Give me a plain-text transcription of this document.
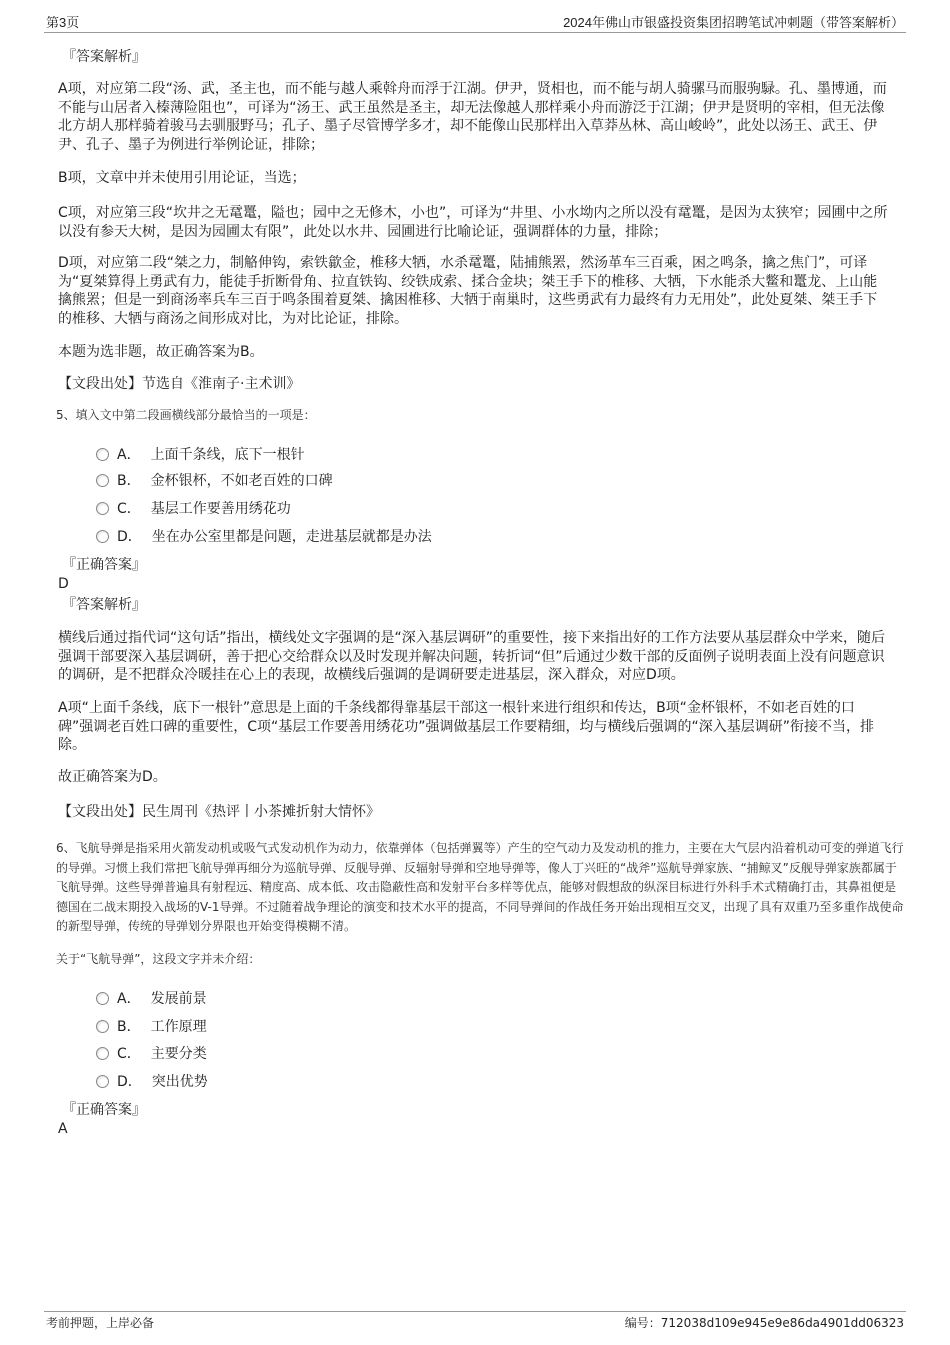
第3页	2024年佛山市银盛投资集团招聘笔试冲刺题（带答案解析）
『答案解析』

A项，对应第二段“汤、武，圣主也，而不能与越人乘斡舟而浮于江湖。伊尹，贤相也，而不能与胡人骑骡马而服驹騄。孔、墨博通，而不能与山居者入榛薄险阻也”，可译为“汤王、武王虽然是圣主，却无法像越人那样乘小舟而游泛于江湖；伊尹是贤明的宰相，但无法像北方胡人那样骑着骏马去驯服野马；孔子、墨子尽管博学多才，却不能像山民那样出入草莽丛林、高山峻岭”，此处以汤王、武王、伊尹、孔子、墨子为例进行举例论证，排除；

B项，文章中并未使用引用论证，当选；

C项，对应第三段“坎井之无鼋鼍，隘也；园中之无修木，小也”，可译为“井里、小水坳内之所以没有鼋鼍，是因为太狭窄；园圃中之所以没有参天大树，是因为园圃太有限”，此处以水井、园圃进行比喻论证，强调群体的力量，排除；

D项，对应第二段“桀之力，制觡伸钩，索铁歙金，椎移大牺，水杀鼋鼍，陆捕熊罴，然汤革车三百乘，困之鸣条，擒之焦门”，可译为“夏桀算得上勇武有力，能徒手折断骨角、拉直铁钩、绞铁成索、揉合金块；桀王手下的椎移、大牺，下水能杀大鳖和鼍龙、上山能擒熊罴；但是一到商汤率兵车三百于鸣条围着夏桀、擒困椎移、大牺于南巢时，这些勇武有力最终有力无用处”，此处夏桀、桀王手下的椎移、大牺与商汤之间形成对比，为对比论证，排除。

本题为选非题，故正确答案为B。

【文段出处】节选自《淮南子·主术训》

5、填入文中第二段画横线部分最恰当的一项是：
A． 上面千条线，底下一根针
B． 金杯银杯，不如老百姓的口碑
C． 基层工作要善用绣花功
D． 坐在办公室里都是问题，走进基层就都是办法
『正确答案』
D
『答案解析』

横线后通过指代词“这句话”指出，横线处文字强调的是“深入基层调研”的重要性，接下来指出好的工作方法要从基层群众中学来，随后强调干部要深入基层调研，善于把心交给群众以及时发现并解决问题，转折词“但”后通过少数干部的反面例子说明表面上没有问题意识的调研，是不把群众冷暖挂在心上的表现，故横线后强调的是调研要走进基层，深入群众，对应D项。

A项“上面千条线，底下一根针”意思是上面的千条线都得靠基层干部这一根针来进行组织和传达，B项“金杯银杯，不如老百姓的口碑”强调老百姓口碑的重要性，C项“基层工作要善用绣花功”强调做基层工作要精细，均与横线后强调的“深入基层调研”衔接不当，排除。

故正确答案为D。

【文段出处】民生周刊《热评丨小茶摊折射大情怀》

6、飞航导弹是指采用火箭发动机或吸气式发动机作为动力，依靠弹体（包括弹翼等）产生的空气动力及发动机的推力，主要在大气层内沿着机动可变的弹道飞行的导弹。习惯上我们常把飞航导弹再细分为巡航导弹、反舰导弹、反辐射导弹和空地导弹等，像人丁兴旺的“战斧”巡航导弹家族、“捕鲸叉”反舰导弹家族都属于飞航导弹。这些导弹普遍具有射程远、精度高、成本低、攻击隐蔽性高和发射平台多样等优点，能够对假想敌的纵深目标进行外科手术式精确打击，其鼻祖便是德国在二战末期投入战场的V-1导弹。不过随着战争理论的演变和技术水平的提高，不同导弹间的作战任务开始出现相互交叉，出现了具有双重乃至多重作战使命的新型导弹，传统的导弹划分界限也开始变得模糊不清。

关于“飞航导弹”，这段文字并未介绍：
A． 发展前景
B． 工作原理
C． 主要分类
D． 突出优势
『正确答案』
A
考前押题，上岸必备	编号：712038d109e945e9e86da4901dd06323
